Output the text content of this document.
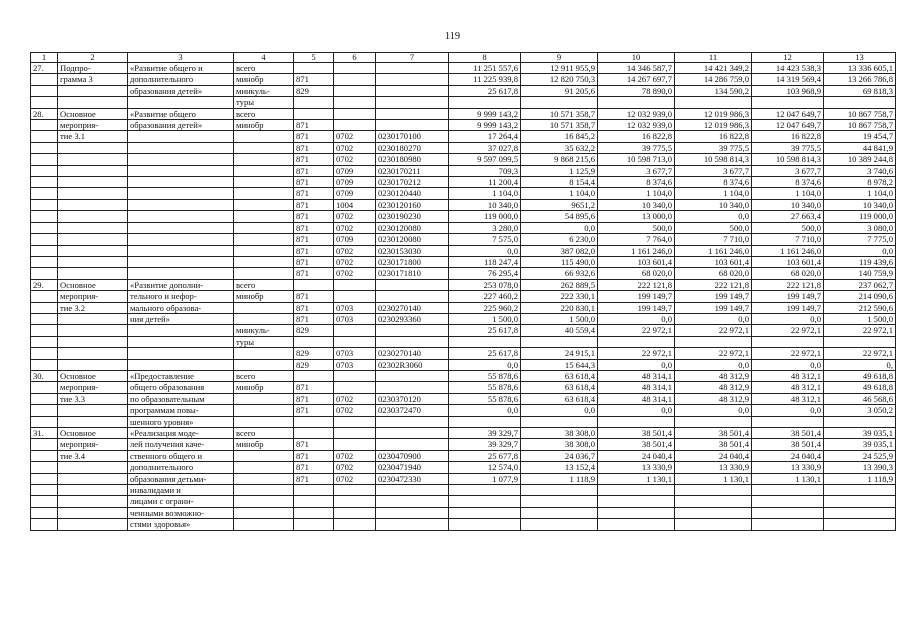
119
1	2	3	4	5	6	7	8	9	10	11	12	13
27.	Подпро-	«Развитие общего и	всего				11 251 557,6	12 911 955,9	14 346 587,7	14 421 349,2	14 423 538,3	13 336 605,1
	грамма 3	дополнительного	минобр	871			11 225 939,8	12 820 750,3	14 267 697,7	14 286 759,0	14 319 569,4	13 266 786,8
		образования детей»	минкуль-	829			25 617,8	91 205,6	78 890,0	134 590,2	103 968,9	69 818,3
			туры									
28.	Основное	«Развитие общего	всего				9 999 143,2	10 571 358,7	12 032 939,0	12 019 986,3	12 047 649,7	10 867 758,7
	мероприя-	образования детей»	минобр	871			9 999 143,2	10 571 358,7	12 032 939,0	12 019 986,3	12 047 649,7	10 867 758,7
	тие 3.1			871	0702	0230170100	17 264,4	16 845,2	16 822,8	16 822,8	16 822,8	19 454,7
				871	0702	0230180270	37 027,8	35 632,2	39 775,5	39 775,5	39 775,5	44 841,9
				871	0702	0230180980	9 597 099,5	9 868 215,6	10 598 713,0	10 598 814,3	10 598 814,3	10 389 244,8
				871	0709	0230170211	709,3	1 125,9	3 677,7	3 677,7	3 677,7	3 740,6
				871	0709	0230170212	11 200,4	8 154,4	8 374,6	8 374,6	8 374,6	8 978,2
				871	0709	0230120440	1 104,0	1 104,0	1 104,0	1 104,0	1 104,0	1 104,0
				871	1004	0230120160	10 340,0	9651,2	10 340,0	10 340,0	10 340,0	10 340,0
				871	0702	0230190230	119 000,0	54 895,6	13 000,0	0,0	27 663,4	119 000,0
				871	0702	0230120080	3 280,0	0,0	500,0	500,0	500,0	3 080,0
				871	0709	0230120080	7 575,0	6 230,0	7 764,0	7 710,0	7 710,0	7 775,0
				871	0702	0230153030	0,0	387 082,0	1 161 246,0	1 161 246,0	1 161 246,0	0,0
				871	0702	0230171800	118 247,4	115 490,0	103 601,4	103 601,4	103 601,4	119 439,6
				871	0702	0230171810	76 295,4	66 932,6	68 020,0	68 020,0	68 020,0	140 759,9
29.	Основное	«Развитие дополни-	всего				253 078,0	262 889,5	222 121,8	222 121,8	222 121,8	237 062,7
	мероприя-	тельного и нефор-	минобр	871			227 460,2	222 330,1	199 149,7	199 149,7	199 149,7	214 090,6
	тие 3.2	мального образова-		871	0703	0230270140	225 960,2	220 830,1	199 149,7	199 149,7	199 149,7	212 590,6
		ния детей»		871	0703	0230293360	1 500,0	1 500,0	0,0	0,0	0,0	1 500,0
			минкуль-	829			25 617,8	40 559,4	22 972,1	22 972,1	22 972,1	22 972,1
			туры									
				829	0703	0230270140	25 617,8	24 915,1	22 972,1	22 972,1	22 972,1	22 972,1
				829	0703	02302R3060	0,0	15 644,3	0,0	0,0	0,0	0,
30.	Основное	«Предоставление	всего				55 878,6	63 618,4	48 314,1	48 312,9	48 312,1	49 618,8
	мероприя-	общего образования	минобр	871			55 878,6	63 618,4	48 314,1	48 312,9	48 312,1	49 618,8
	тие 3.3	по образовательным		871	0702	0230370120	55 878,6	63 618,4	48 314,1	48 312,9	48 312,1	46 568,6
		программам повы-		871	0702	0230372470	0,0	0,0	0,0	0,0	0,0	3 050,2
		шенного уровня»										
31.	Основное	«Реализация моде-	всего				39 329,7	38 308,0	38 501,4	38 501,4	38 501,4	39 035,1
	мероприя-	лей получения каче-	минобр	871			39 329,7	38 308,0	38 501,4	38 501,4	38 501,4	39 035,1
	тие 3.4	ственного общего и		871	0702	0230470900	25 677,8	24 036,7	24 040,4	24 040,4	24 040,4	24 525,9
		дополнительного		871	0702	0230471940	12 574,0	13 152,4	13 330,9	13 330,9	13 330,9	13 390,3
		образования детьми-		871	0702	0230472330	1 077,9	1 118,9	1 130,1	1 130,1	1 130,1	1 118,9
		инвалидами и										
		лицами с ограни-										
		ченными возможно-										
		стями здоровья»										
